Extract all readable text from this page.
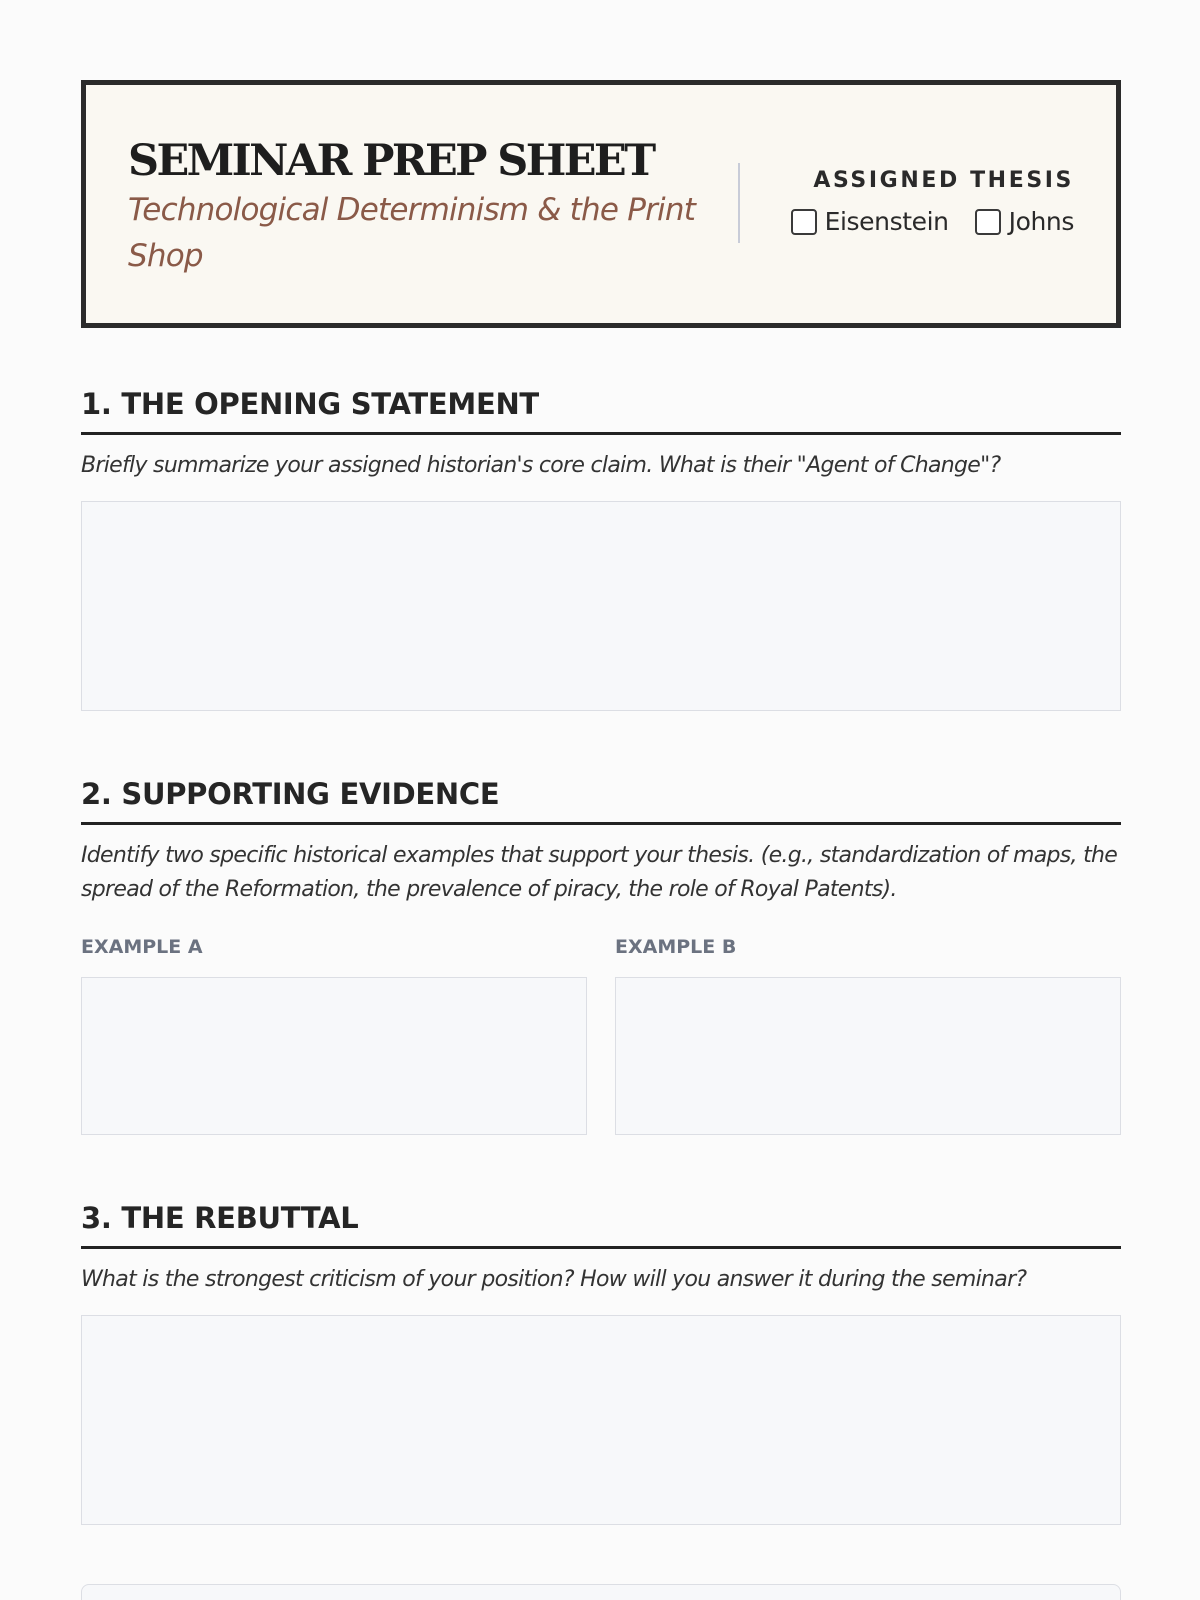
SEMINAR PREP SHEET
Technological Determinism & the Print Shop
ASSIGNED THESIS
Eisenstein Johns
1. THE OPENING STATEMENT
Briefly summarize your assigned historian's core claim. What is their "Agent of Change"?
2. SUPPORTING EVIDENCE
Identify two specific historical examples that support your thesis. (e.g., standardization of maps, the spread of the Reformation, the prevalence of piracy, the role of Royal Patents).
EXAMPLE A	EXAMPLE B
3. THE REBUTTAL
What is the strongest criticism of your position? How will you answer it during the seminar?
